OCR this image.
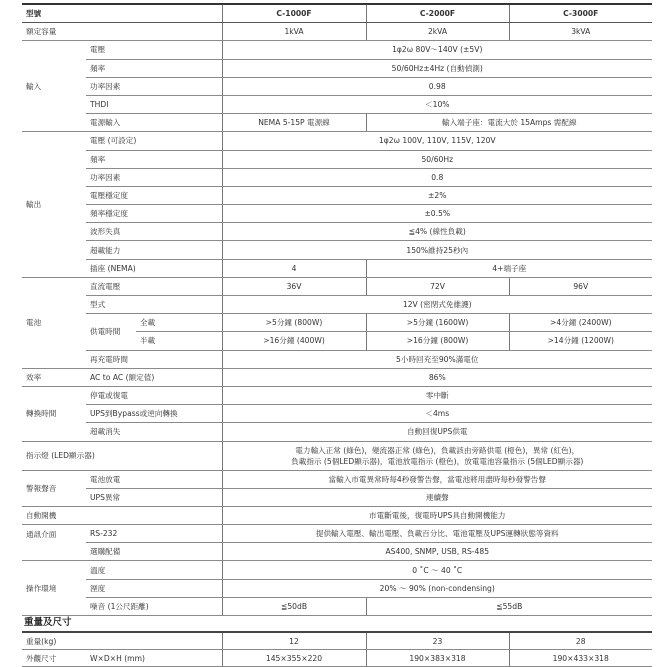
型號			C-1000F	C-2000F	C-3000F
額定容量			1kVA	2kVA	3kVA
輸入	電壓		1φ2ω 80V～140V (±5V)		
	頻率		50/60Hz±4Hz (自動偵測)		
	功率因素		0.98		
	THDI		＜10%		
	電源輸入		NEMA 5-15P 電源線	輸入端子座：電流大於 15Amps 需配線	
輸出	電壓 (可設定)		1φ2ω 100V, 110V, 115V, 120V		
	頻率		50/60Hz		
	功率因素		0.8		
	電壓穩定度		±2%		
	頻率穩定度		±0.5%		
	波形失真		≦4% (線性負載)		
	超載能力		150%維持25秒內		
	插座 (NEMA)		4	4+端子座	
電池	直流電壓		36V	72V	96V
	型式		12V (密閉式免維護)		
	供電時間	全載	>5分鐘 (800W)	>5分鐘 (1600W)	>4分鐘 (2400W)
		半載	>16分鐘 (400W)	>16分鐘 (800W)	>14分鐘 (1200W)
	再充電時間		5小時回充至90%滿電位		
效率	AC to AC (額定值)		86%		
轉換時間	停電或復電		零中斷		
	UPS到Bypass或逆向轉換		＜4ms		
	超載消失		自動回復UPS供電		
指示燈 (LED顯示器)			電力輸入正常 (綠色)，變流器正常 (綠色)，負載該由旁路供電 (橙色)，異常 (紅色)，
負載指示 (5個LED顯示器)，電池放電指示 (橙色)，放電電池容量指示 (5個LED顯示器)		

警報聲音	電池放電		當輸入市電異常時每4秒發警告聲，當電池將用盡時每秒發警告聲		
	UPS異常		連續聲		
自動開機			市電斷電後，復電時UPS具自動開機能力		
通訊介面	RS-232		提供輸入電壓、輸出電壓、負載百分比、電池電壓及UPS運轉狀態等資料		
	選購配備		AS400, SNMP, USB, RS-485		
操作環境	溫度		0 ˚C ～ 40 ˚C		
	溼度		20% ～ 90% (non-condensing)		
	噪音 (1公尺距離)		≦50dB	≦55dB	
重量及尺寸
重量(kg)		12	23	28
外觀尺寸	W×D×H (mm)	145×355×220	190×383×318	190×433×318
